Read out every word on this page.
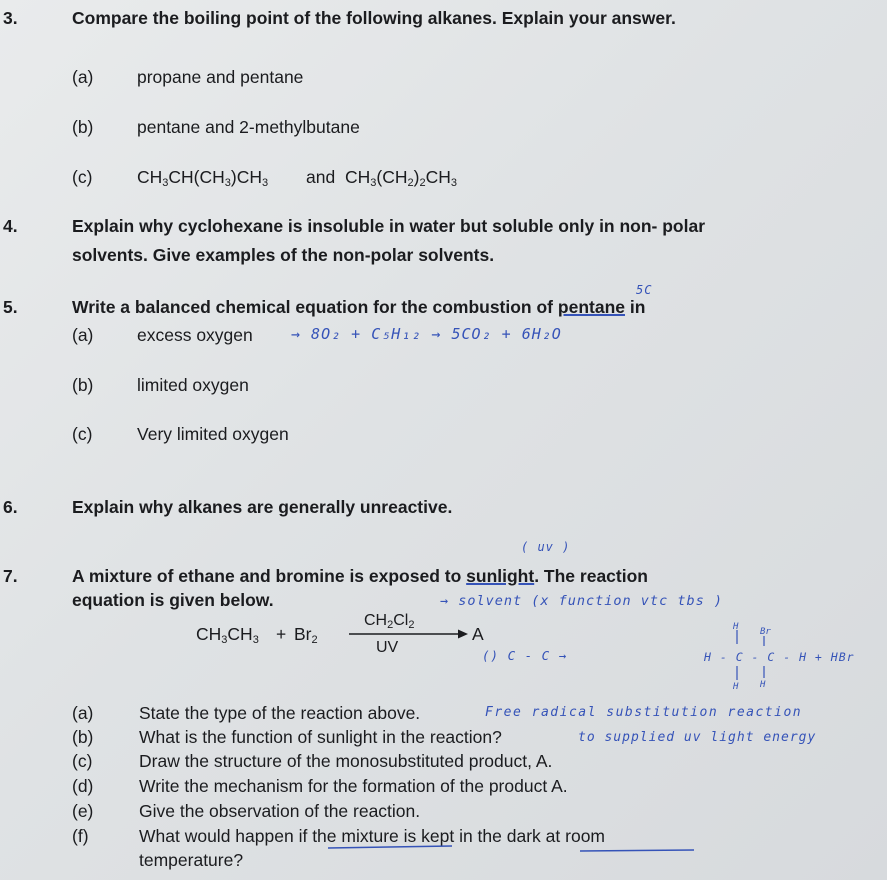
3.	Compare the boiling point of the following alkanes. Explain your answer.
(a) propane and pentane
(b) pentane and 2-methylbutane
(c)	$CH_3CH(CH_3)CH_3$ and $CH_3(CH_2)_2CH_3$
4.	Explain why cyclohexane is insoluble in water but soluble only in non- polar
solvents. Give examples of the non-polar solvents.
5C
5.	Write a balanced chemical equation for the combustion of pentane in
(a) excess oxygen	→ 8O₂ + C₅H₁₂ → 5CO₂ + 6H₂O
(b) limited oxygen
(c)	Very limited oxygen
6.	Explain why alkanes are generally unreactive.
( uv )
7.	A mixture of ethane and bromine is exposed to sunlight. The reaction
equation is given below.	→ solvent (x function vtc tbs )
$CH_3CH_3 + Br_2$
$CH_2Cl_2$
UV
A
() C - C →	H - C - C - H + HBr
H Br
H H
(a)	State the type of the reaction above.	Free radical substitution reaction
(b)	What is the function of sunlight in the reaction?	to supplied uv light energy
(c)	Draw the structure of the monosubstituted product, A.
(d)	Write the mechanism for the formation of the product A.
(e)	Give the observation of the reaction.
(f)	What would happen if the mixture is kept in the dark at room
temperature?
